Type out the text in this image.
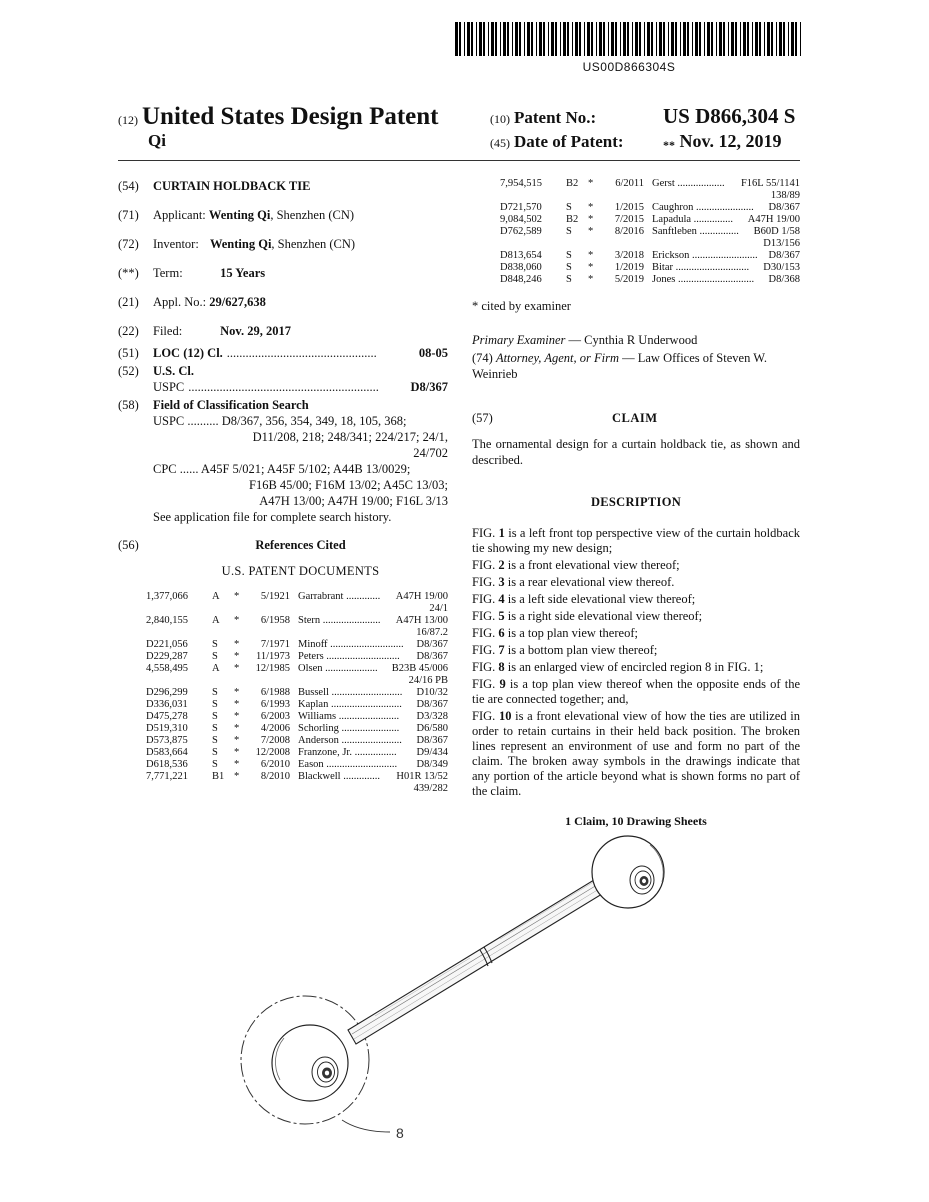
US00D866304S
(12) United States Design Patent
Qi
(10) Patent No.:	US D866,304 S
(45) Date of Patent:	** Nov. 12, 2019
(54)	CURTAIN HOLDBACK TIE
(71)	Applicant: Wenting Qi, Shenzhen (CN)
(72)	Inventor: Wenting Qi, Shenzhen (CN)
(**)	Term:	15 Years
(21)	Appl. No.: 29/627,638
(22)	Filed:	Nov. 29, 2017
(51)	LOC (12) Cl. ................................................	08-05
(52)	U.S. Cl.
USPC .............................................................	D8/367
(58)	Field of Classification Search
USPC .......... D8/367, 356, 354, 349, 18, 105, 368;
D11/208, 218; 248/341; 224/217; 24/1,
24/702
CPC ...... A45F 5/021; A45F 5/102; A44B 13/0029;
F16B 45/00; F16M 13/02; A45C 13/03;
A47H 13/00; A47H 19/00; F16L 3/13
See application file for complete search history.
(56)	References Cited
U.S. PATENT DOCUMENTS
1,377,066	A	*	5/1921 Garrabrant .............	A47H 19/00
24/1
2,840,155	A	*	6/1958 Stern ......................	A47H 13/00
16/87.2
D221,056	S	*	7/1971 Minoff ............................	D8/367
D229,287	S	*	11/1973 Peters ............................	D8/367
4,558,495	A	*	12/1985 Olsen ....................	B23B 45/006
24/16 PB
D296,299	S	*	6/1988 Bussell ...........................	D10/32
D336,031	S	*	6/1993 Kaplan ...........................	D8/367
D475,278	S	*	6/2003 Williams .......................	D3/328
D519,310	S	*	4/2006 Schorling ......................	D6/580
D573,875	S	*	7/2008 Anderson .......................	D8/367
D583,664	S	*	12/2008 Franzone, Jr. ................	D9/434
D618,536	S	*	6/2010 Eason ...........................	D8/349
7,771,221	B1 *	8/2010 Blackwell ..............	H01R 13/52
439/282
7,954,515	B2 *	6/2011 Gerst ..................	F16L 55/1141
138/89
D721,570	S	*	1/2015 Caughron ......................	D8/367
9,084,502	B2 *	7/2015 Lapadula ...............	A47H 19/00
D762,589	S	*	8/2016 Sanftleben ...............	B60D 1/58
D13/156
D813,654	S	*	3/2018 Erickson .........................	D8/367
D838,060	S	*	1/2019 Bitar ............................	D30/153
D848,246	S	*	5/2019 Jones .............................	D8/368
* cited by examiner
Primary Examiner — Cynthia R Underwood
(74) Attorney, Agent, or Firm — Law Offices of Steven W. Weinrieb
(57)	CLAIM
The ornamental design for a curtain holdback tie, as shown and described.
DESCRIPTION
FIG. 1 is a left front top perspective view of the curtain holdback tie showing my new design;
FIG. 2 is a front elevational view thereof;
FIG. 3 is a rear elevational view thereof.
FIG. 4 is a left side elevational view thereof;
FIG. 5 is a right side elevational view thereof;
FIG. 6 is a top plan view thereof;
FIG. 7 is a bottom plan view thereof;
FIG. 8 is an enlarged view of encircled region 8 in FIG. 1;
FIG. 9 is a top plan view thereof when the opposite ends of the tie are connected together; and,
FIG. 10 is a front elevational view of how the ties are utilized in order to retain curtains in their held back position. The broken lines represent an environment of use and form no part of the claim. The broken away symbols in the drawings indicate that any portion of the article beyond what is shown forms no part of the claim.
1 Claim, 10 Drawing Sheets
8
